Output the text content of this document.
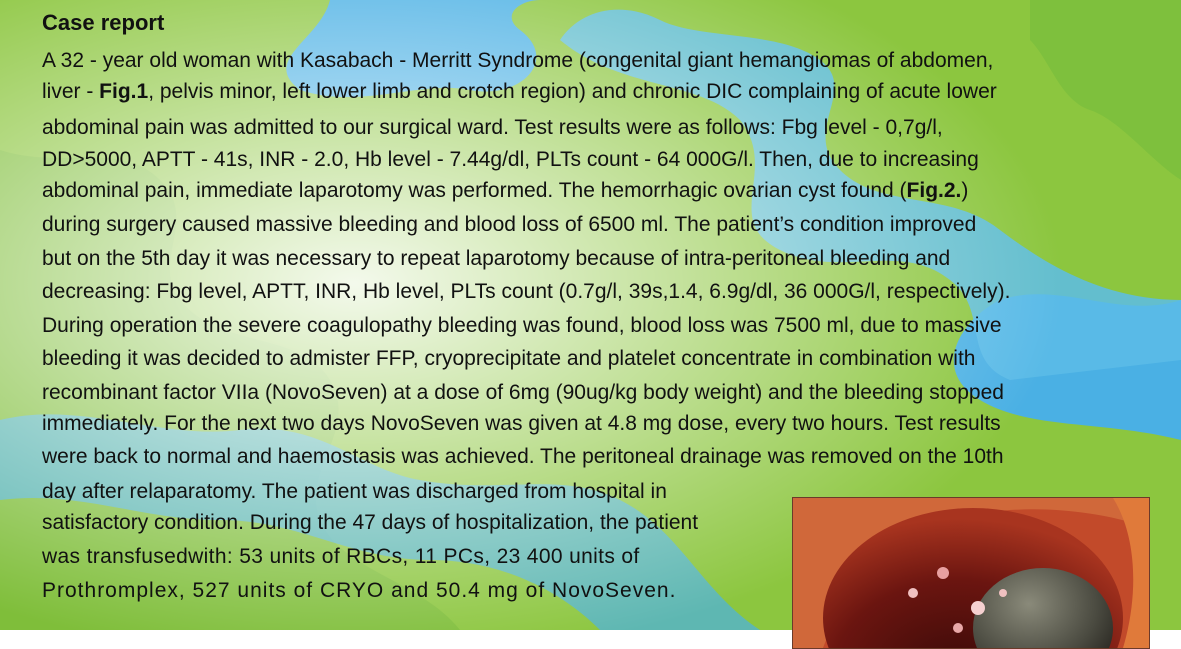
Case report

A 32 - year old woman with Kasabach - Merritt Syndrome (congenital giant hemangiomas of abdomen,

liver - Fig.1, pelvis minor, left lower limb and crotch region) and chronic DIC complaining of acute lower

abdominal pain was admitted to our surgical ward. Test results were as follows: Fbg level - 0,7g/l,

DD>5000, APTT - 41s, INR - 2.0, Hb level - 7.44g/dl, PLTs count - 64 000G/l. Then, due to increasing

abdominal pain, immediate laparotomy was performed. The hemorrhagic ovarian cyst found (Fig.2.)

during surgery caused massive bleeding and blood loss of 6500 ml. The patient’s condition improved

but on the 5th day it was necessary to repeat laparotomy because of intra-peritoneal bleeding and

decreasing: Fbg level, APTT, INR, Hb level, PLTs count (0.7g/l, 39s,1.4, 6.9g/dl, 36 000G/l, respectively).

During operation the severe coagulopathy bleeding was found, blood loss was 7500 ml, due to massive

bleeding it was decided to admister FFP, cryoprecipitate and platelet concentrate in combination with

recombinant factor VIIa (NovoSeven) at a dose of 6mg (90ug/kg body weight) and the bleeding stopped

immediately. For the next two days NovoSeven was given at 4.8 mg dose, every two hours. Test results

were back to normal and haemostasis was achieved. The peritoneal drainage was removed on the 10th

day after relaparatomy. The patient was discharged from hospital in

satisfactory condition. During the 47 days of hospitalization, the patient

was transfusedwith: 53 units of RBCs, 11 PCs, 23 400 units of

Prothromplex, 527 units of CRYO and 50.4 mg of NovoSeven.
